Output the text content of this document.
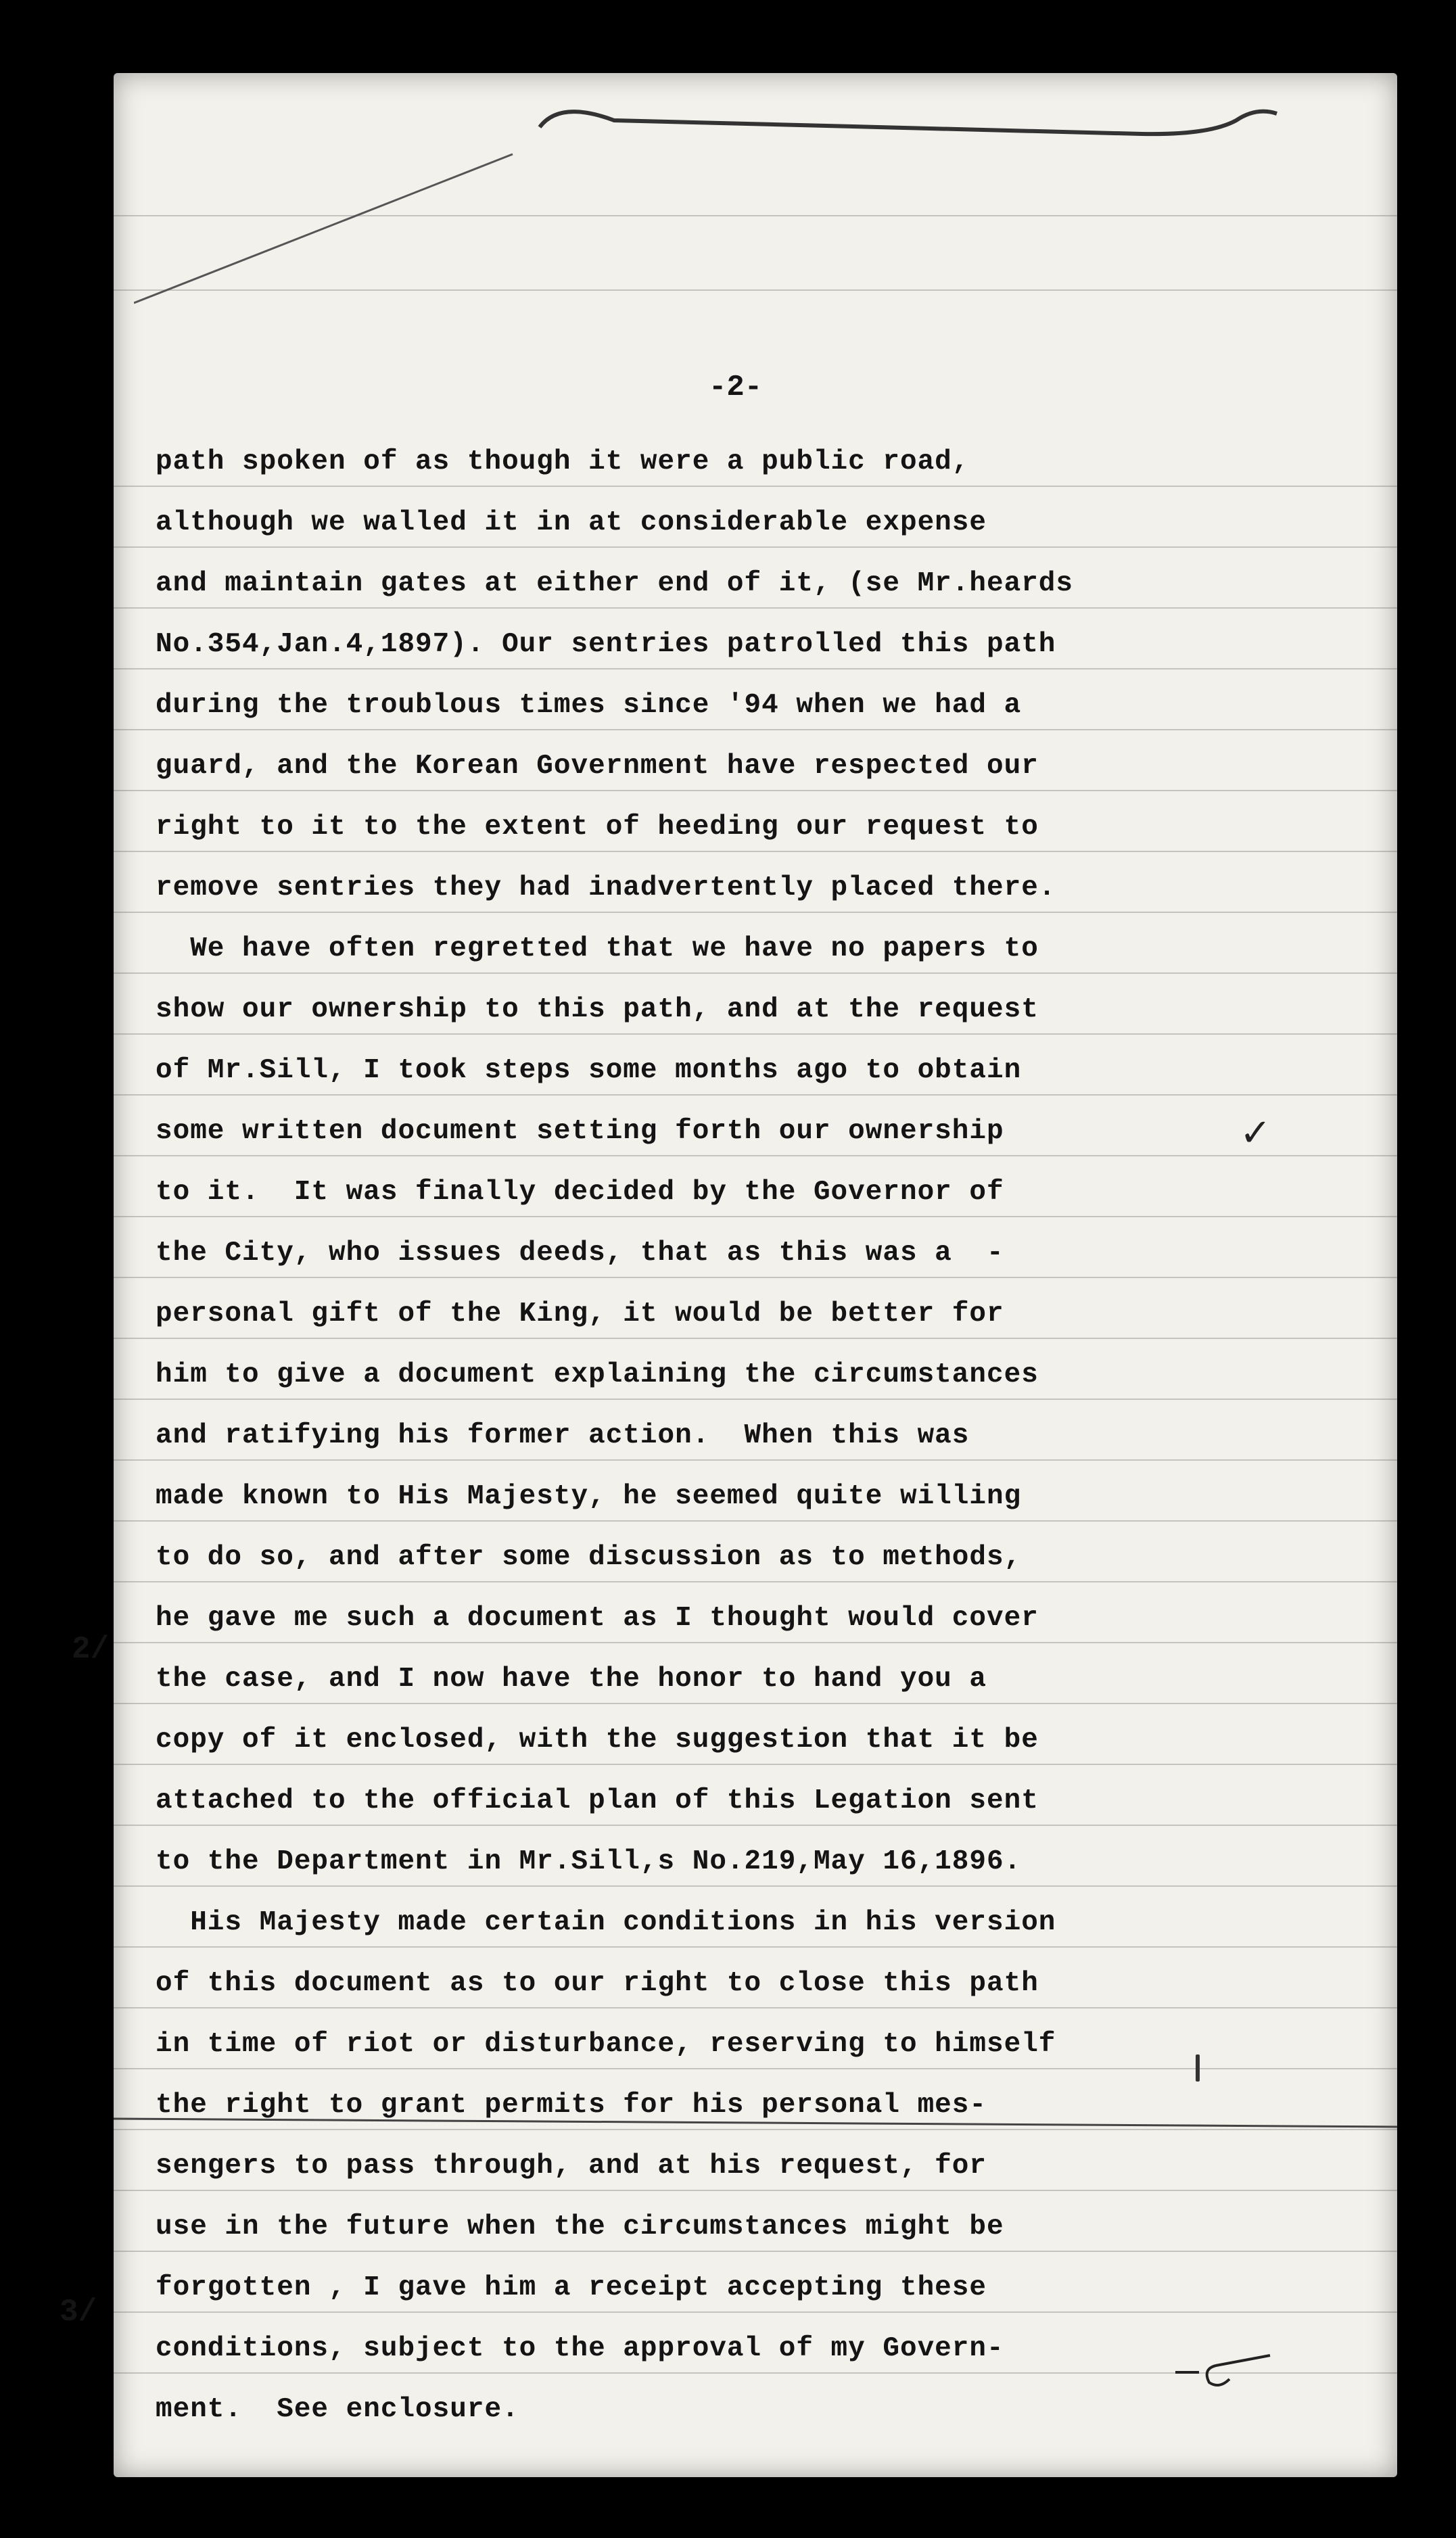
-2-
path spoken of as though it were a public road,
although we walled it in at considerable expense
and maintain gates at either end of it, (se Mr.heards
No.354,Jan.4,1897). Our sentries patrolled this path
during the troublous times since '94 when we had a
guard, and the Korean Government have respected our
right to it to the extent of heeding our request to
remove sentries they had inadvertently placed there.
We have often regretted that we have no papers to
show our ownership to this path, and at the request
of Mr.Sill, I took steps some months ago to obtain
some written document setting forth our ownership
to it.  It was finally decided by the Governor of
the City, who issues deeds, that as this was a  -
personal gift of the King, it would be better for
him to give a document explaining the circumstances
and ratifying his former action.  When this was
made known to His Majesty, he seemed quite willing
to do so, and after some discussion as to methods,
he gave me such a document as I thought would cover
the case, and I now have the honor to hand you a
copy of it enclosed, with the suggestion that it be
attached to the official plan of this Legation sent
to the Department in Mr.Sill,s No.219,May 16,1896.
His Majesty made certain conditions in his version
of this document as to our right to close this path
in time of riot or disturbance, reserving to himself
the right to grant permits for his personal mes-
sengers to pass through, and at his request, for
use in the future when the circumstances might be
forgotten , I gave him a receipt accepting these
conditions, subject to the approval of my Govern-
ment.  See enclosure.
2/
3/
✓
